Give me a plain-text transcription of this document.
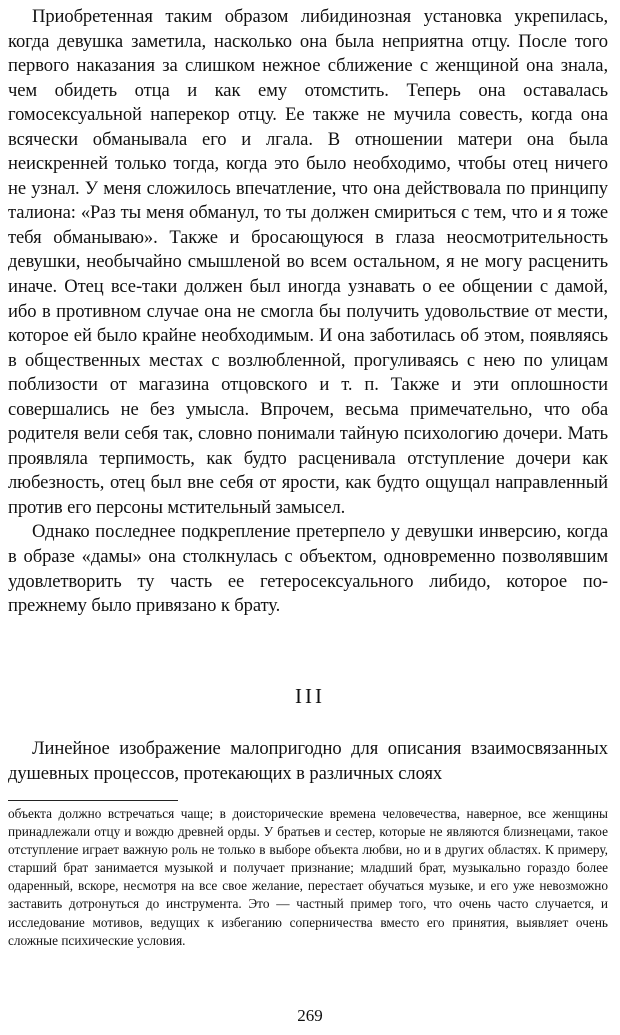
Приобретенная таким образом либидинозная установка укрепилась, когда девушка заметила, насколько она была неприятна отцу. После того первого наказания за слишком нежное сближение с женщиной она знала, чем обидеть отца и как ему отомстить. Теперь она оставалась гомосексуальной наперекор отцу. Ее также не мучила совесть, когда она всячески обманывала его и лгала. В отношении матери она была неискренней только тогда, когда это было необходимо, чтобы отец ничего не узнал. У меня сложилось впечатление, что она действовала по принципу талиона: «Раз ты меня обманул, то ты должен смириться с тем, что и я тоже тебя обманываю». Также и бросающуюся в глаза неосмотрительность девушки, необычайно смышленой во всем остальном, я не могу расценить иначе. Отец все-таки должен был иногда узнавать о ее общении с дамой, ибо в противном случае она не смогла бы получить удовольствие от мести, которое ей было крайне необходимым. И она заботилась об этом, появляясь в общественных местах с возлюбленной, прогуливаясь с нею по улицам поблизости от магазина отцовского и т. п. Также и эти оплошности совершались не без умысла. Впрочем, весьма примечательно, что оба родителя вели себя так, словно понимали тайную психологию дочери. Мать проявляла терпимость, как будто расценивала отступление дочери как любезность, отец был вне себя от ярости, как будто ощущал направленный против его персоны мстительный замысел.

Однако последнее подкрепление претерпело у девушки инверсию, когда в образе «дамы» она столкнулась с объектом, одновременно позволявшим удовлетворить ту часть ее гетеросексуального либидо, которое по-прежнему было привязано к брату.

III

Линейное изображение малопригодно для описания взаимосвязанных душевных процессов, протекающих в различных слоях

объекта должно встречаться чаще; в доисторические времена человечества, наверное, все женщины принадлежали отцу и вождю древней орды. У братьев и сестер, которые не являются близнецами, такое отступление играет важную роль не только в выборе объекта любви, но и в других областях. К примеру, старший брат занимается музыкой и получает признание; младший брат, музыкально гораздо более одаренный, вскоре, несмотря на все свое желание, перестает обучаться музыке, и его уже невозможно заставить дотронуться до инструмента. Это — частный пример того, что очень часто случается, и исследование мотивов, ведущих к избеганию соперничества вместо его принятия, выявляет очень сложные психические условия.

269
